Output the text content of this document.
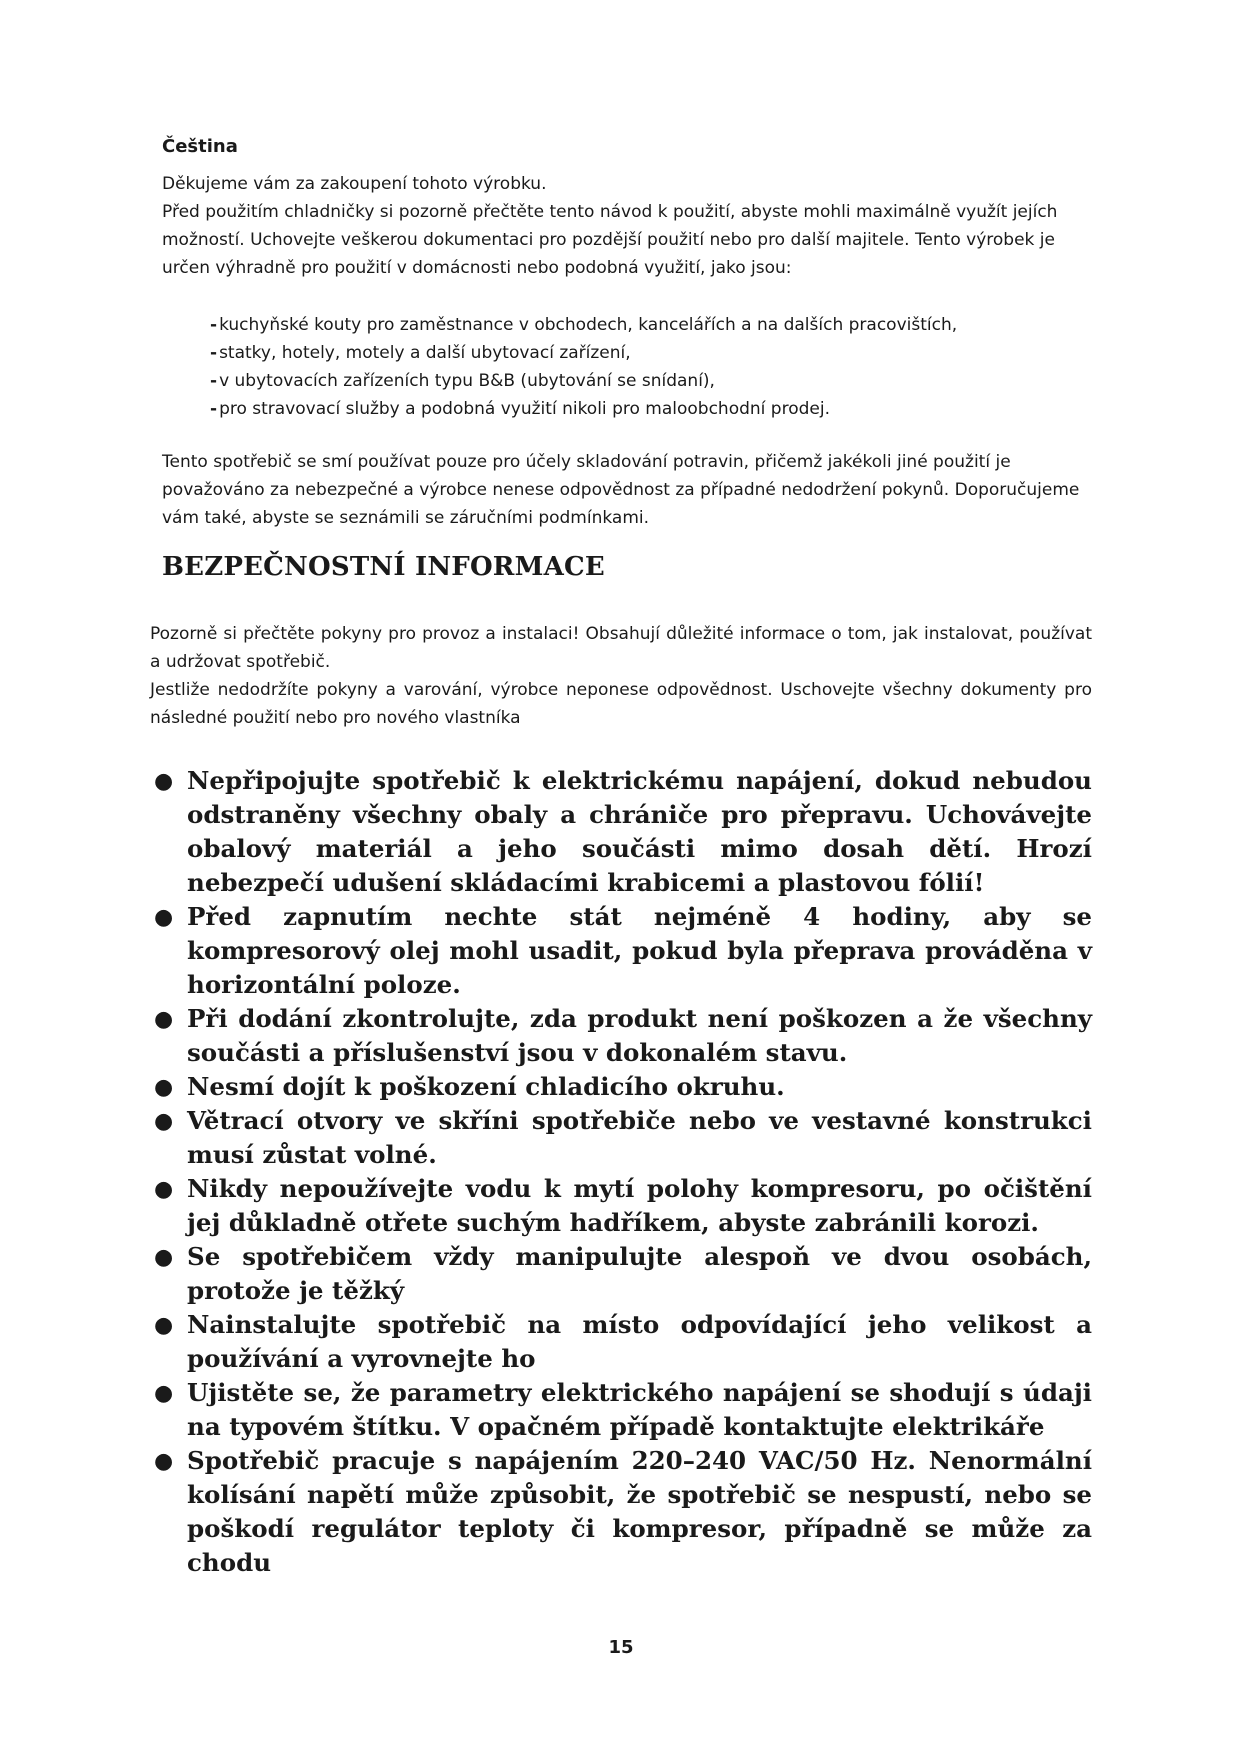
Čeština

Děkujeme vám za zakoupení tohoto výrobku.

Před použitím chladničky si pozorně přečtěte tento návod k použití, abyste mohli maximálně využít jejích možností. Uchovejte veškerou dokumentaci pro pozdější použití nebo pro další majitele. Tento výrobek je určen výhradně pro použití v domácnosti nebo podobná využití, jako jsou:

- kuchyňské kouty pro zaměstnance v obchodech, kancelářích a na dalších pracovištích,
- statky, hotely, motely a další ubytovací zařízení,
- v ubytovacích zařízeních typu B&B (ubytování se snídaní),
- pro stravovací služby a podobná využití nikoli pro maloobchodní prodej.
Tento spotřebič se smí používat pouze pro účely skladování potravin, přičemž jakékoli jiné použití je považováno za nebezpečné a výrobce nenese odpovědnost za případné nedodržení pokynů. Doporučujeme vám také, abyste se seznámili se záručními podmínkami.
BEZPEČNOSTNÍ INFORMACE

Pozorně si přečtěte pokyny pro provoz a instalaci! Obsahují důležité informace o tom, jak instalovat, používat a udržovat spotřebič.

Jestliže nedodržíte pokyny a varování, výrobce neponese odpovědnost. Uschovejte všechny dokumenty pro následné použití nebo pro nového vlastníka

● Nepřipojujte spotřebič k elektrickému napájení, dokud nebudou odstraněny všechny obaly a chrániče pro přepravu. Uchovávejte obalový materiál a jeho součásti mimo dosah dětí. Hrozí nebezpečí udušení skládacími krabicemi a plastovou fólií!
● Před zapnutím nechte stát nejméně 4 hodiny, aby se kompresorový olej mohl usadit, pokud byla přeprava prováděna v horizontální poloze.
● Při dodání zkontrolujte, zda produkt není poškozen a že všechny součásti a příslušenství jsou v dokonalém stavu.
● Nesmí dojít k poškození chladicího okruhu.
● Větrací otvory ve skříni spotřebiče nebo ve vestavné konstrukci musí zůstat volné.
● Nikdy nepoužívejte vodu k mytí polohy kompresoru, po očištění jej důkladně otřete suchým hadříkem, abyste zabránili korozi.
● Se spotřebičem vždy manipulujte alespoň ve dvou osobách, protože je těžký
● Nainstalujte spotřebič na místo odpovídající jeho velikost a používání a vyrovnejte ho
● Ujistěte se, že parametry elektrického napájení se shodují s údaji na typovém štítku. V opačném případě kontaktujte elektrikáře
● Spotřebič pracuje s napájením 220–240 VAC/50 Hz. Nenormální kolísání napětí může způsobit, že spotřebič se nespustí, nebo se poškodí regulátor teploty či kompresor, případně se může za chodu
15
